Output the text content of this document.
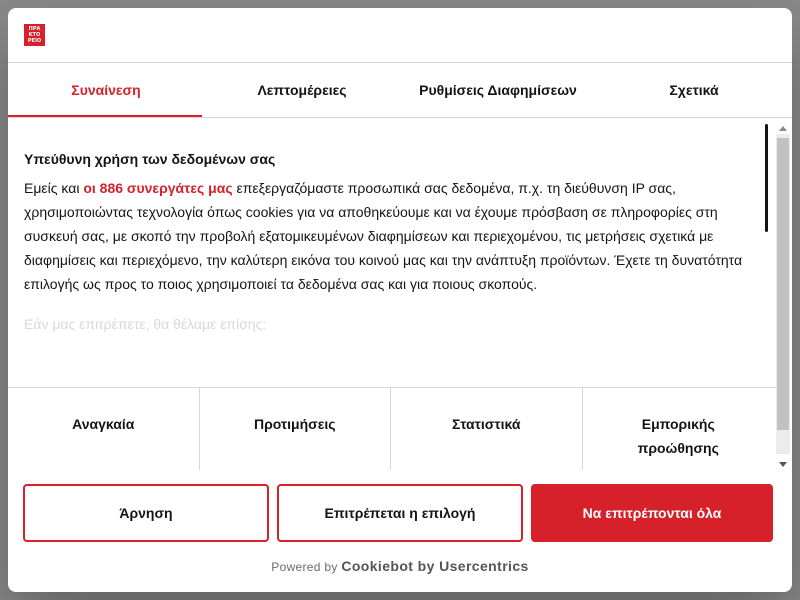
ΠΡΑ
ΚΤΟ
ΡΕΙΟ
Συναίνεση	Λεπτομέρειες	Ρυθμίσεις Διαφημίσεων	Σχετικά
Υπεύθυνη χρήση των δεδομένων σας

Εμείς και οι 886 συνεργάτες μας επεξεργαζόμαστε προσωπικά σας δεδομένα, π.χ. τη διεύθυνση IP σας, χρησιμοποιώντας τεχνολογία όπως cookies για να αποθηκεύουμε και να έχουμε πρόσβαση σε πληροφορίες στη συσκευή σας, με σκοπό την προβολή εξατομικευμένων διαφημίσεων και περιεχομένου, τις μετρήσεις σχετικά με διαφημίσεις και περιεχόμενο, την καλύτερη εικόνα του κοινού μας και την ανάπτυξη προϊόντων. Έχετε τη δυνατότητα επιλογής ως προς το ποιος χρησιμοποιεί τα δεδομένα σας και για ποιους σκοπούς.

Εάν μας επιτρέπετε, θα θέλαμε επίσης:

Αναγκαία	Προτιμήσεις	Στατιστικά	Εμπορικής προώθησης
Άρνηση	Επιτρέπεται η επιλογή	Να επιτρέπονται όλα
Powered by Cookiebot by Usercentrics
